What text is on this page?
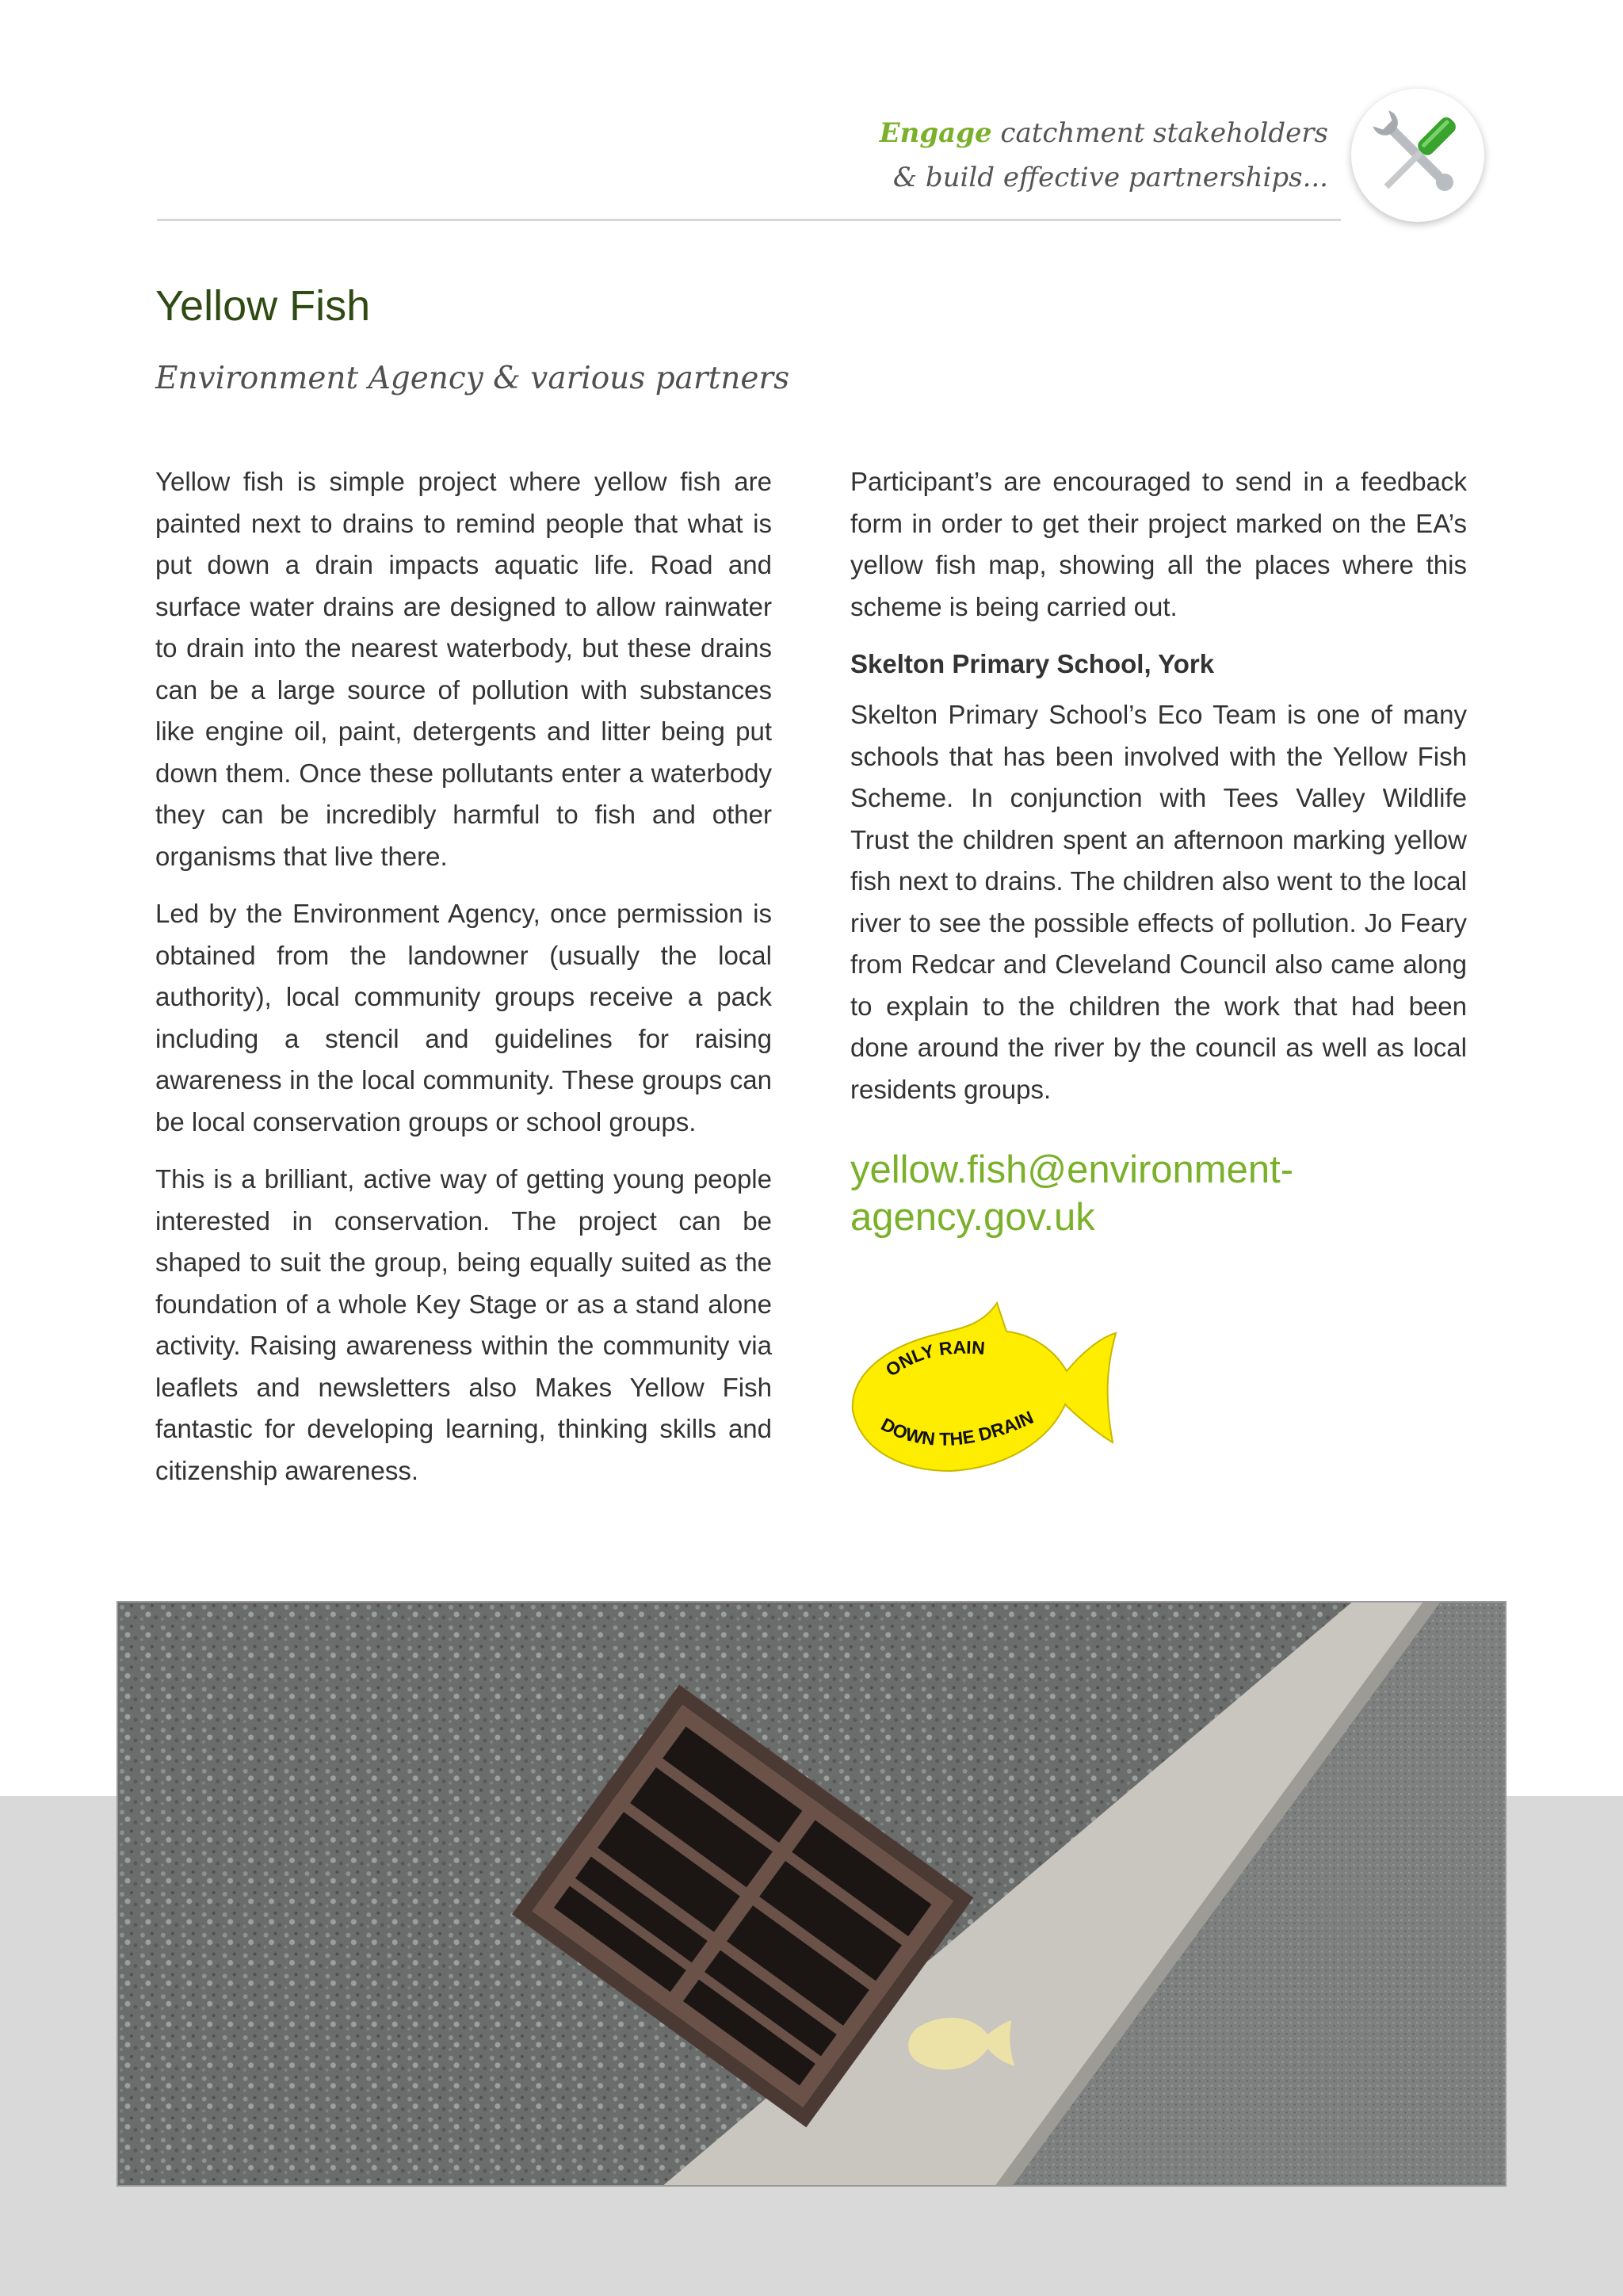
Engage catchment stakeholders
& build effective partnerships...
Yellow Fish
Environment Agency & various partners

Yellow fish is simple project where yellow fish are painted next to drains to remind people that what is put down a drain impacts aquatic life. Road and surface water drains are designed to allow rainwater to drain into the nearest waterbody, but these drains can be a large source of pollution with substances like engine oil, paint, detergents and litter being put down them. Once these pollutants enter a waterbody they can be incredibly harmful to fish and other organisms that live there.

Led by the Environment Agency, once permission is obtained from the landowner (usually the local authority), local community groups receive a pack including a stencil and guidelines for raising awareness in the local community. These groups can be local conservation groups or school groups.

This is a brilliant, active way of getting young people interested in conservation. The project can be shaped to suit the group, being equally suited as the foundation of a whole Key Stage or as a stand alone activity. Raising awareness within the community via leaflets and newsletters also Makes Yellow Fish fantastic for developing learning, thinking skills and citizenship awareness.

Participant’s are encouraged to send in a feedback form in order to get their project marked on the EA’s yellow fish map, showing all the places where this scheme is being carried out.

Skelton Primary School, York

Skelton Primary School’s Eco Team is one of many schools that has been involved with the Yellow Fish Scheme. In conjunction with Tees Valley Wildlife Trust the children spent an afternoon marking yellow fish next to drains. The children also went to the local river to see the possible effects of pollution. Jo Feary from Redcar and Cleveland Council also came along to explain to the children the work that had been done around the river by the council as well as local residents groups.

yellow.fish@environment-
agency.gov.uk
ONLY RAIN
DOWN THE DRAIN
